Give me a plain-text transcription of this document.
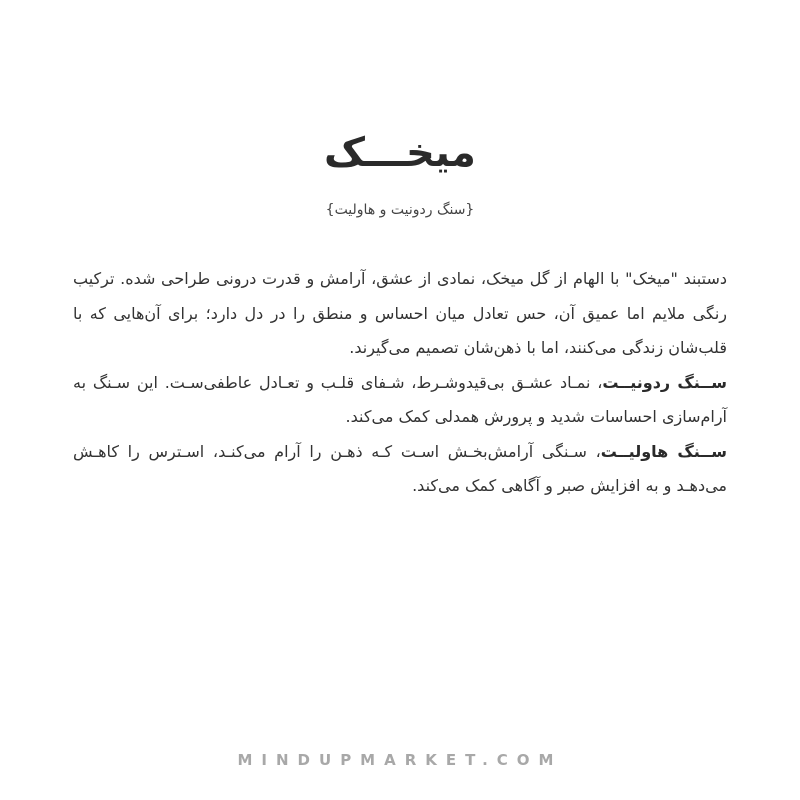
میخـــک
{سنگ ردونیت و هاولیت}

دستبند "میخک" با الهام از گل میخک، نمادی از عشق، آرامش و قدرت درونی طراحی شده. ترکیب رنگی ملایم اما عمیق آن، حس تعادل میان احساس و منطق را در دل دارد؛ برای آن‌هایی که با قلب‌شان زندگی می‌کنند، اما با ذهن‌شان تصمیم می‌گیرند.

ســنگ ردونیــت، نمـاد عشـق بی‌قیدوشـرط، شـفای قلـب و تعـادل عاطفی‌سـت. این سـنگ به آرام‌سازی احساسات شدید و پرورش همدلی کمک می‌کند.

ســنگ هاولیــت، سـنگی آرامش‌بخـش اسـت کـه ذهـن را آرام می‌کنـد، اسـترس را کاهـش می‌دهـد و به افزایش صبر و آگاهی کمک می‌کند.

MINDUPMARKET.COM
